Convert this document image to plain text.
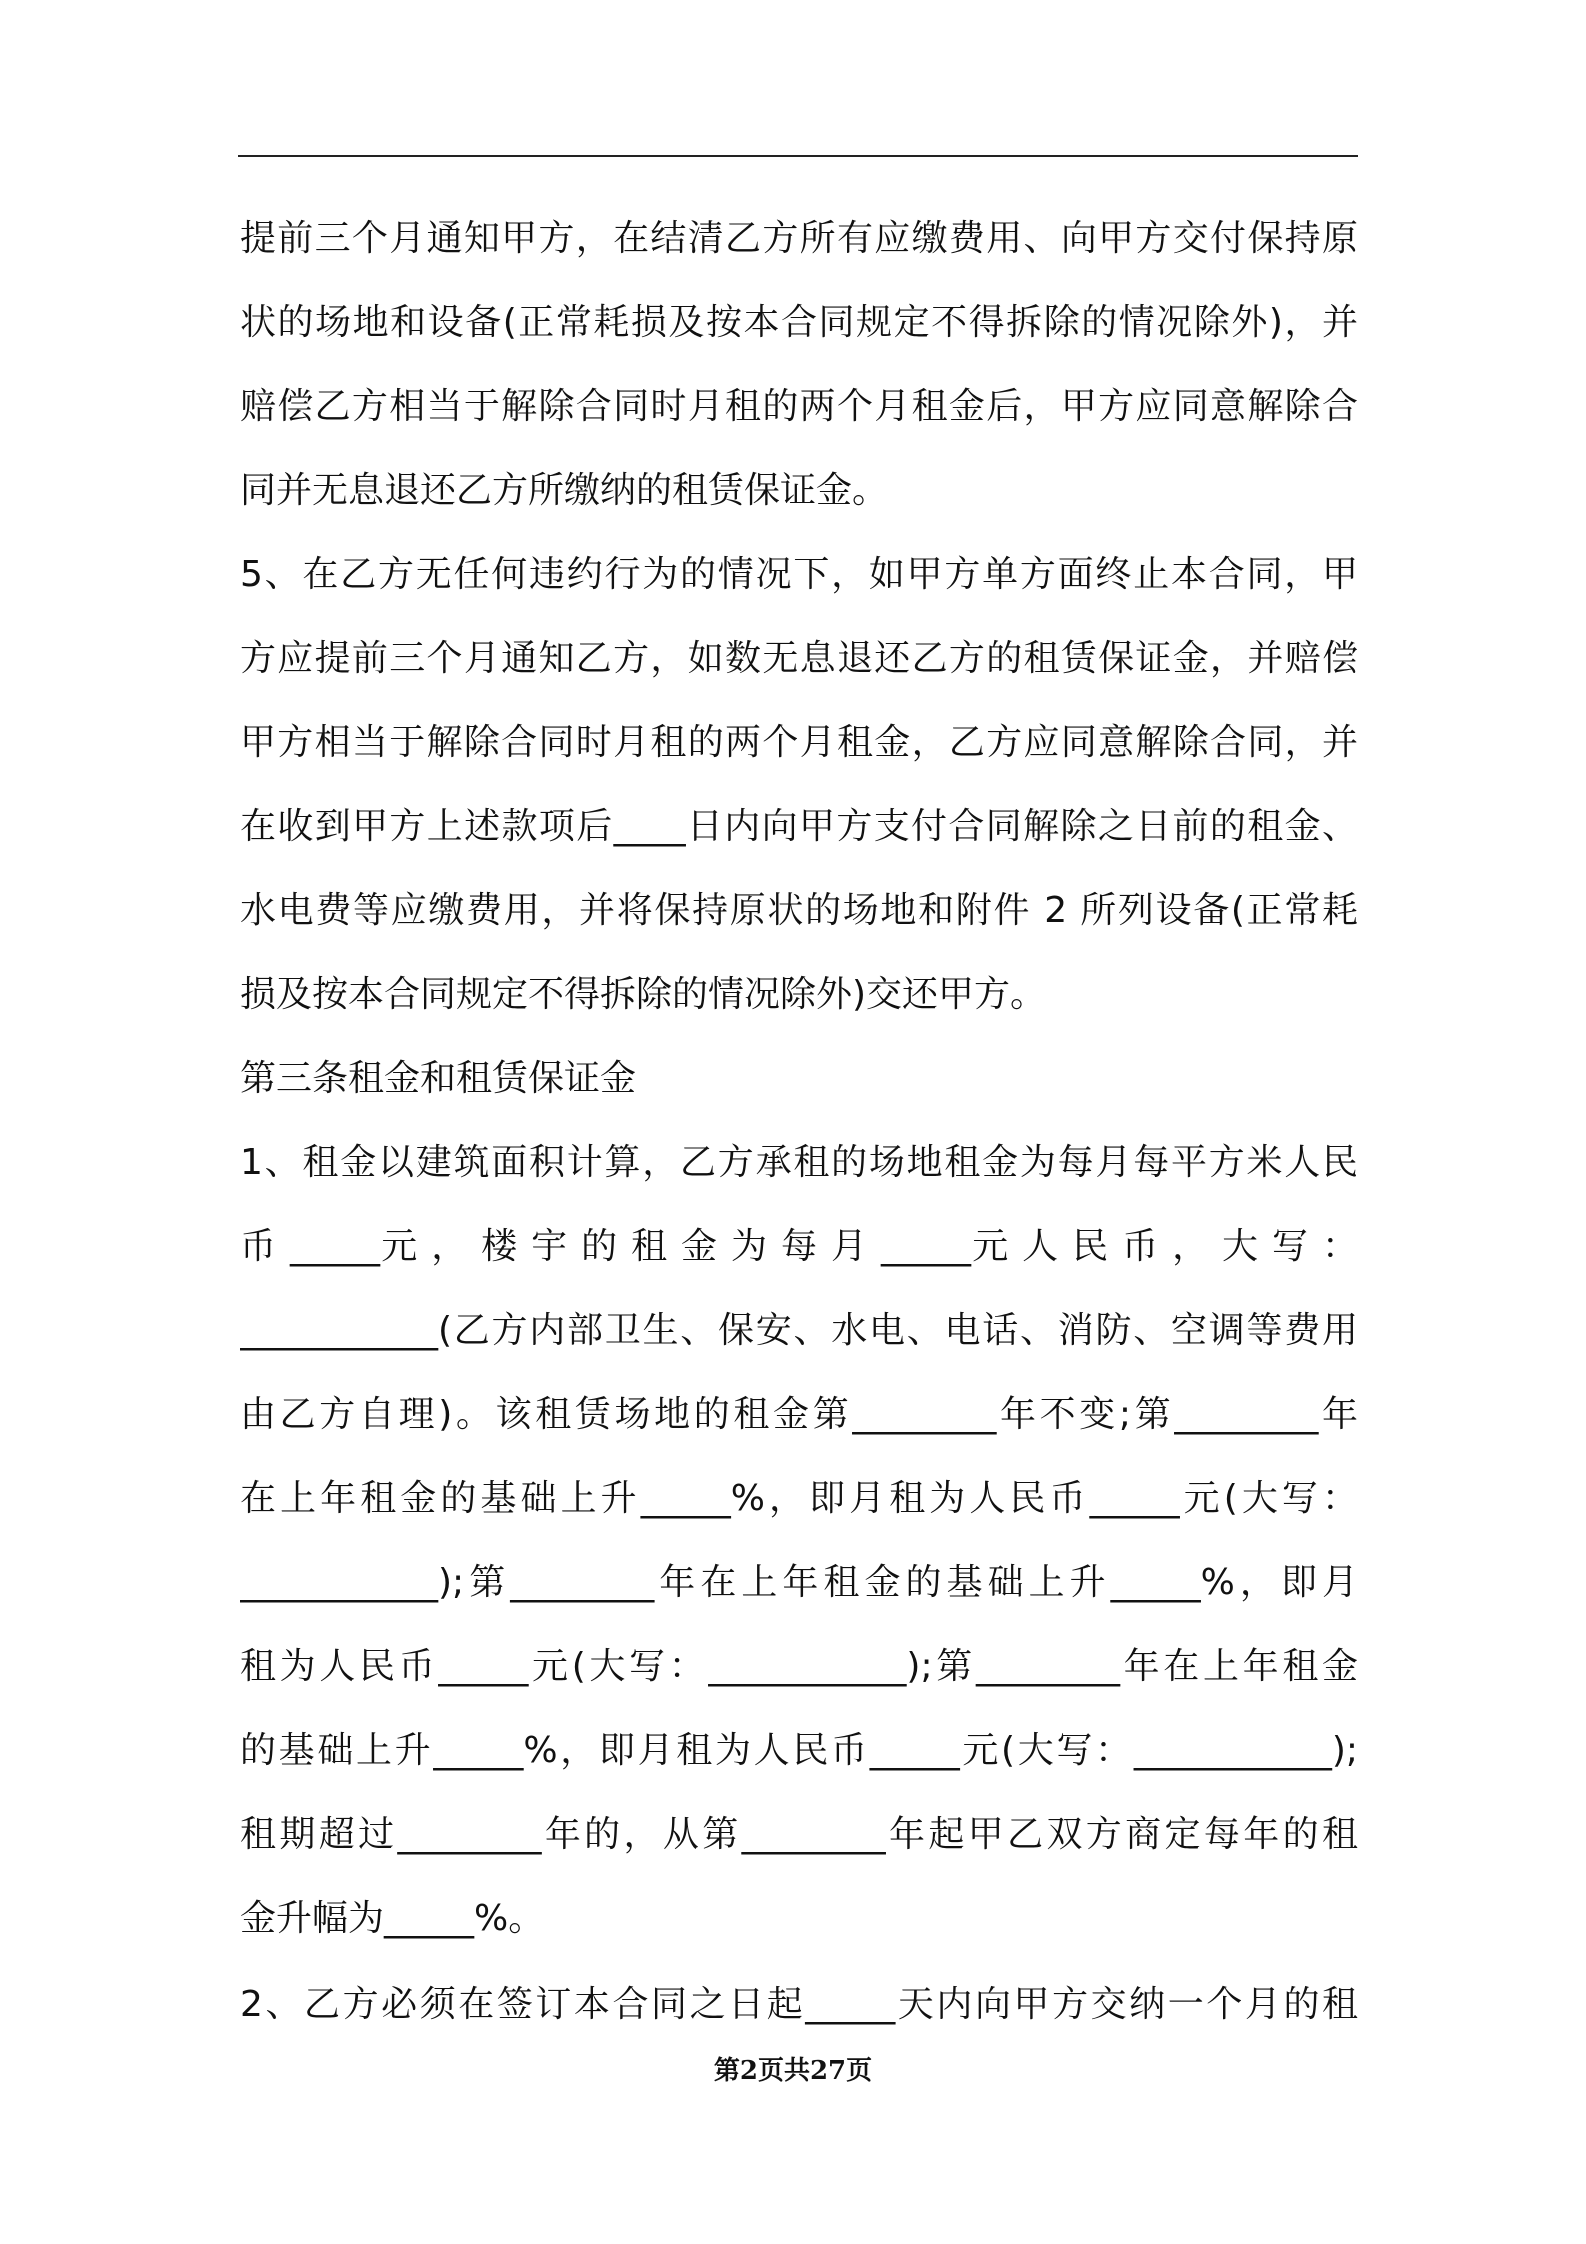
提前三个月通知甲方，在结清乙方所有应缴费用、向甲方交付保持原
状的场地和设备(正常耗损及按本合同规定不得拆除的情况除外)，并
赔偿乙方相当于解除合同时月租的两个月租金后，甲方应同意解除合
同并无息退还乙方所缴纳的租赁保证金。
5、在乙方无任何违约行为的情况下，如甲方单方面终止本合同，甲
方应提前三个月通知乙方，如数无息退还乙方的租赁保证金，并赔偿
甲方相当于解除合同时月租的两个月租金，乙方应同意解除合同，并
在收到甲方上述款项后____日内向甲方支付合同解除之日前的租金、
水电费等应缴费用，并将保持原状的场地和附件 2 所列设备(正常耗
损及按本合同规定不得拆除的情况除外)交还甲方。
第三条租金和租赁保证金
1、租金以建筑面积计算，乙方承租的场地租金为每月每平方米人民
币 _____元 ， 楼 宇 的 租 金 为 每 月 _____元 人 民 币 ， 大 写 ：
___________(乙方内部卫生、保安、水电、电话、消防、空调等费用
由乙方自理)。该租赁场地的租金第________年不变;第________年
在上年租金的基础上升_____%，即月租为人民币_____元(大写：
___________);第________年在上年租金的基础上升_____%，即月
租为人民币_____元(大写：___________);第________年在上年租金
的基础上升_____%，即月租为人民币_____元(大写：___________);
租期超过________年的，从第________年起甲乙双方商定每年的租
金升幅为_____%。
2、乙方必须在签订本合同之日起_____天内向甲方交纳一个月的租
第2页共27页
